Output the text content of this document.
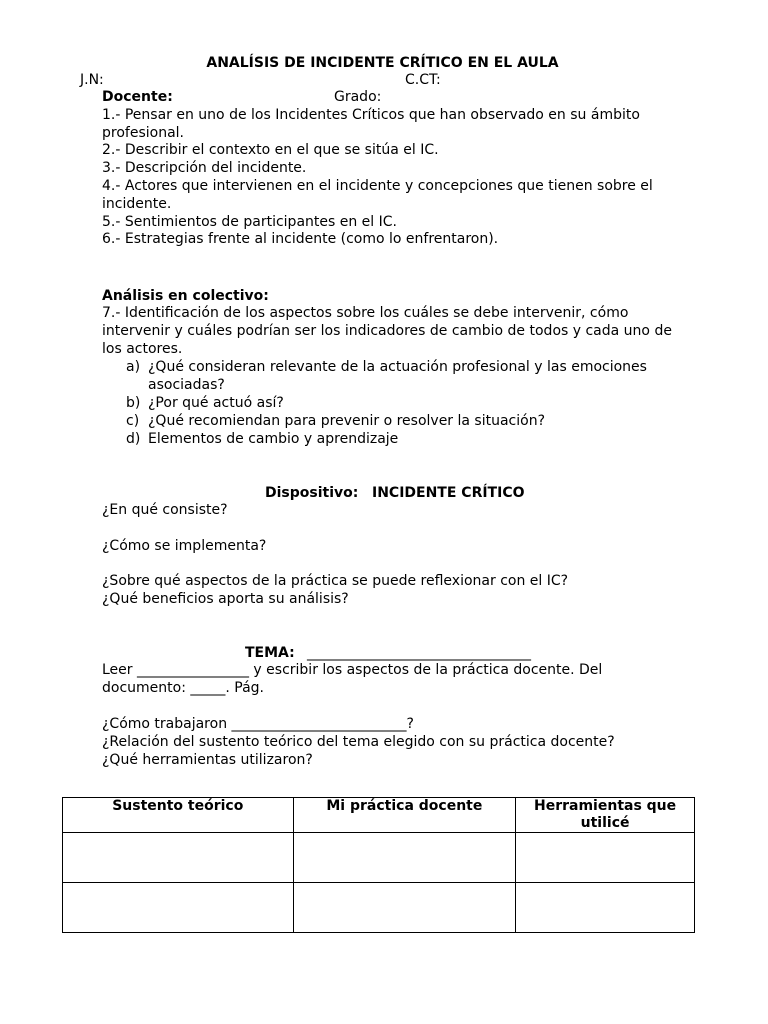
ANALÍSIS DE INCIDENTE CRÍTICO EN EL AULA
J.N:	C.CT:
Docente:	Grado:
1.- Pensar en uno de los Incidentes Críticos que han observado en su ámbito profesional.
2.- Describir el contexto en el que se sitúa el IC.
3.- Descripción del incidente.
4.- Actores que intervienen en el incidente y concepciones que tienen sobre el incidente.
5.- Sentimientos de participantes en el IC.
6.- Estrategias frente al incidente (como lo enfrentaron).
Análisis en colectivo:
7.- Identificación de los aspectos sobre los cuáles se debe intervenir, cómo intervenir y cuáles podrían ser los indicadores de cambio de todos y cada uno de los actores.
a) ¿Qué consideran relevante de la actuación profesional y las emociones asociadas?
b) ¿Por qué actuó así?
c) ¿Qué recomiendan para prevenir o resolver la situación?
d) Elementos de cambio y aprendizaje
Dispositivo: INCIDENTE CRÍTICO
¿En qué consiste?
¿Cómo se implementa?
¿Sobre qué aspectos de la práctica se puede reflexionar con el IC?
¿Qué beneficios aporta su análisis?
TEMA: ________________________________
Leer ________________ y escribir los aspectos de la práctica docente. Del documento: _____. Pág.
¿Cómo trabajaron _________________________?
¿Relación del sustento teórico del tema elegido con su práctica docente?
¿Qué herramientas utilizaron?
Sustento teórico	Mi práctica docente	Herramientas que utilicé
